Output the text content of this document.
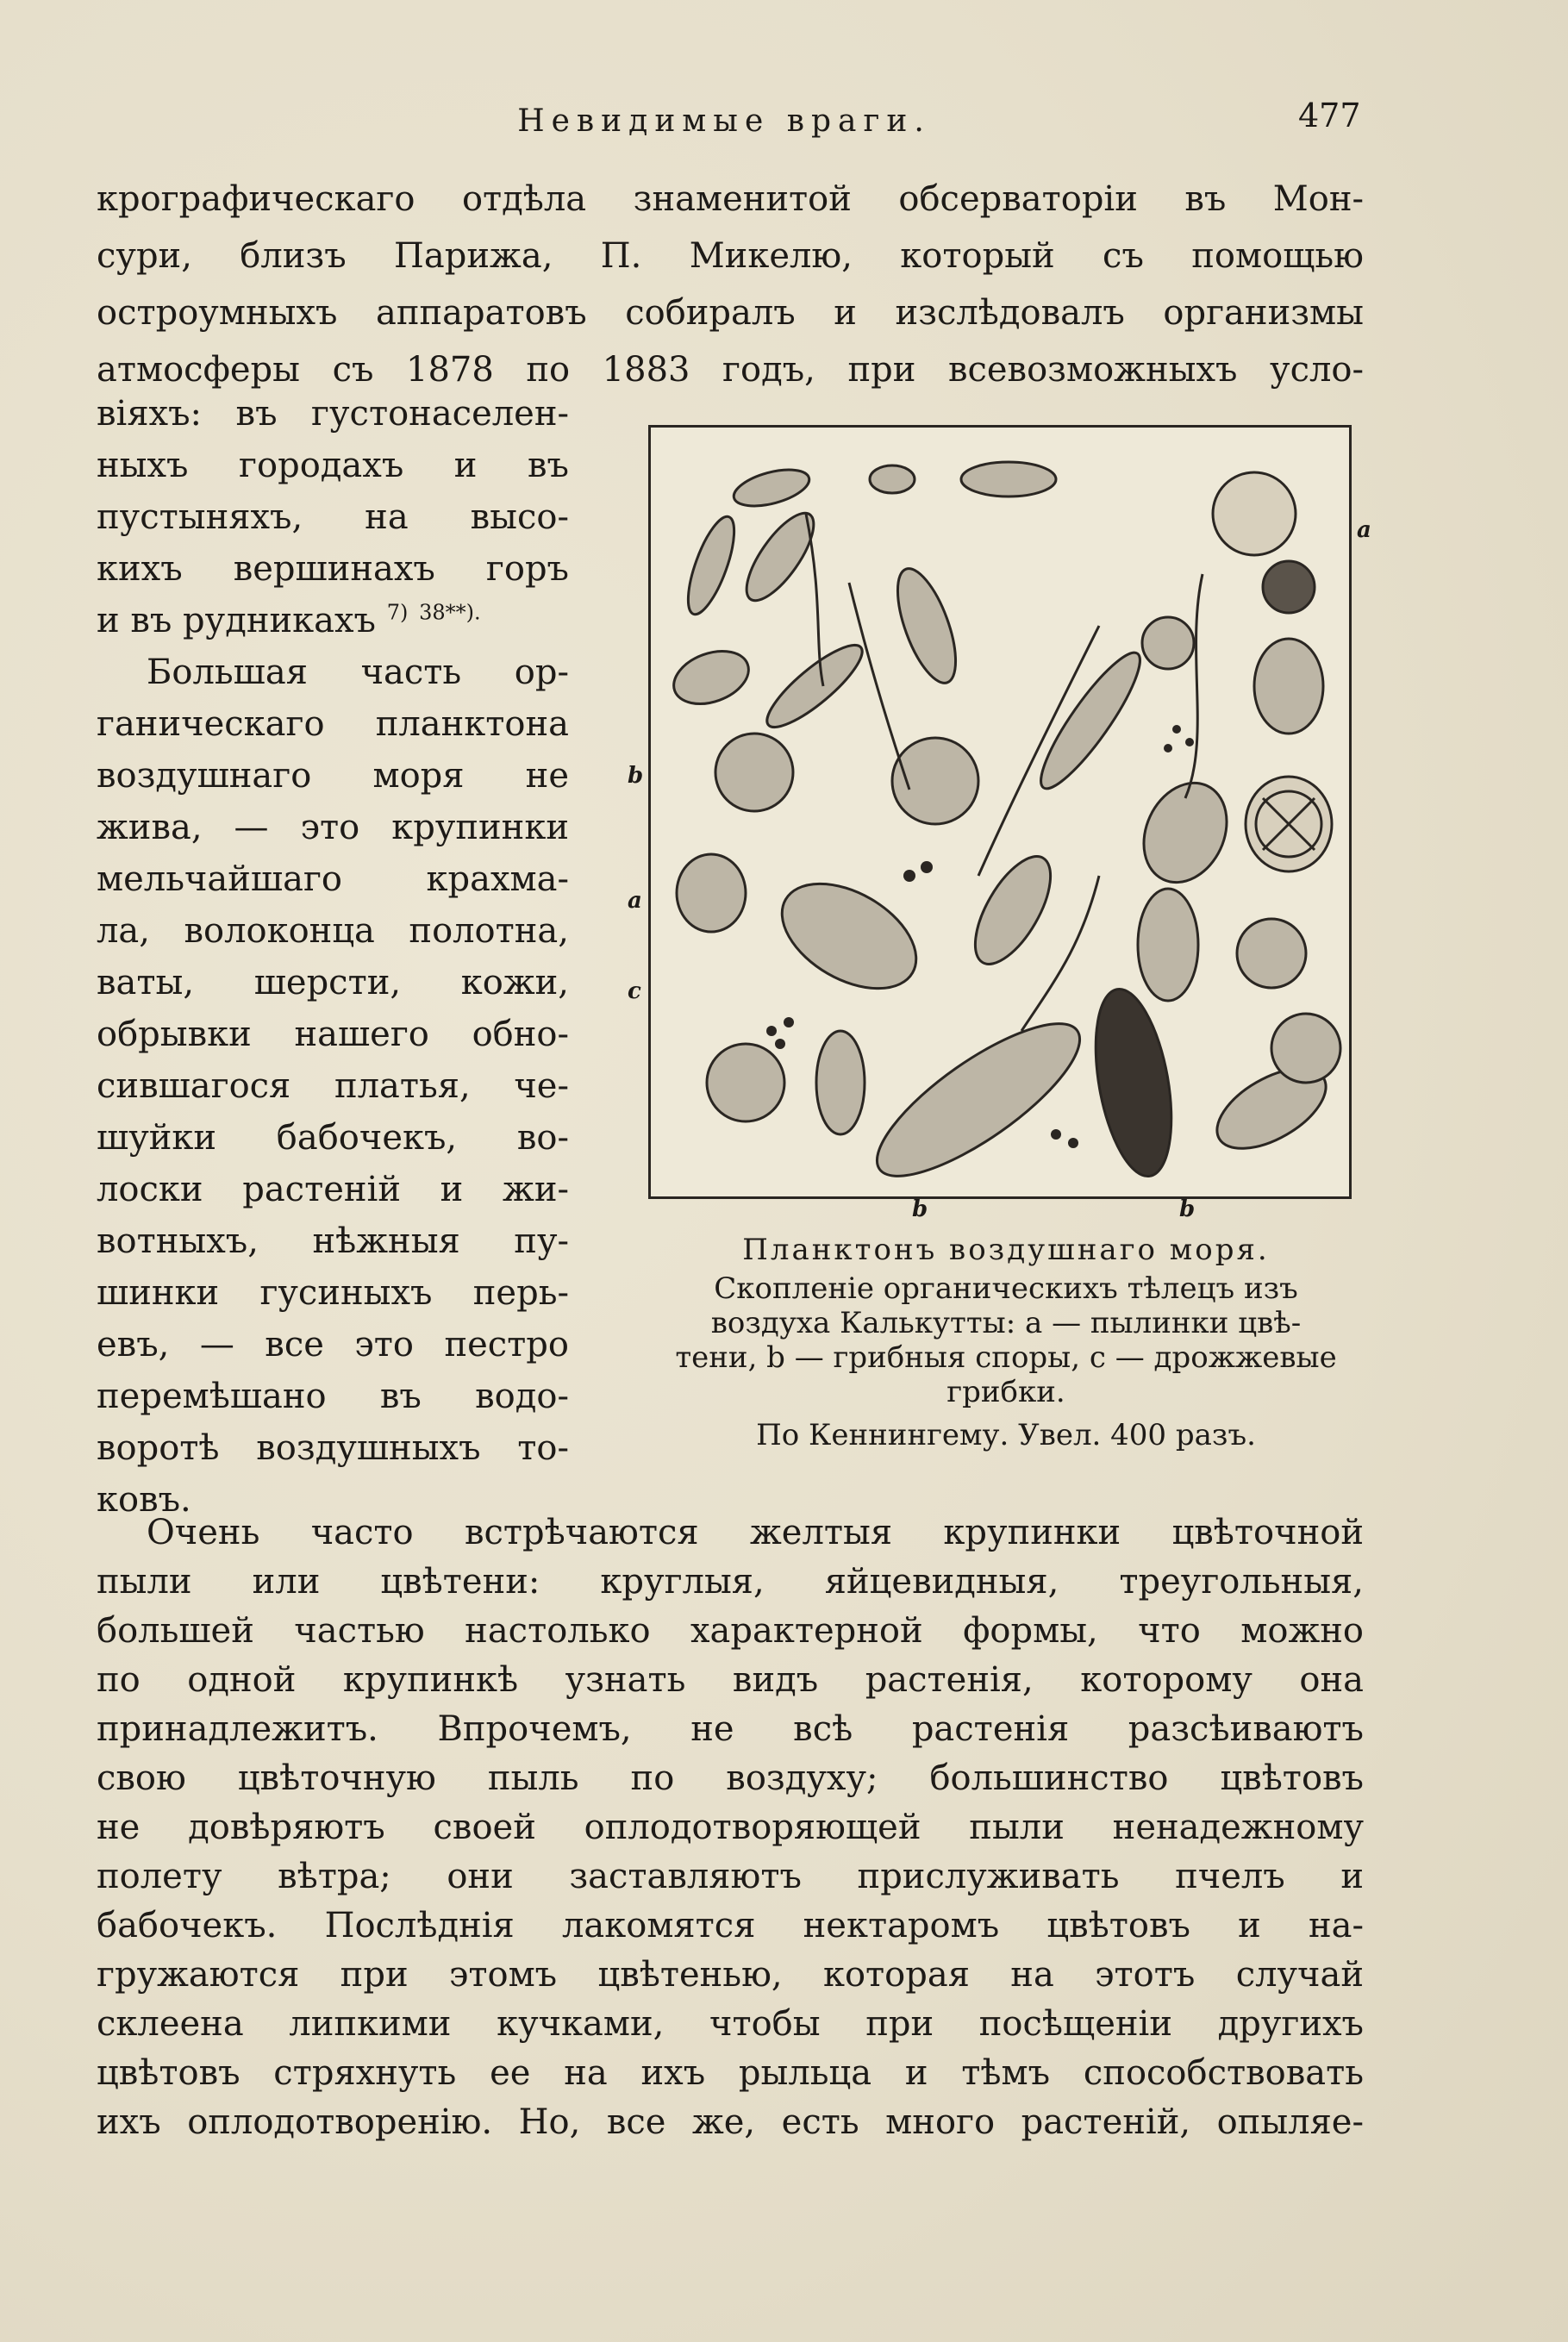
Невидимые враги.	477
крографическаго отдѣла знаменитой обсерваторіи въ Мон-
сури, близъ Парижа, П. Микелю, который съ помощью
остроумныхъ аппаратовъ собиралъ и изслѣдовалъ организмы
атмосферы съ 1878 по 1883 годъ, при всевозможныхъ усло-
віяхъ: въ густонаселен-
ныхъ городахъ и въ
пустыняхъ, на высо-
кихъ вершинахъ горъ
и въ рудникахъ $^{7)}$ $^{38**).}$
Большая часть ор-
ганическаго планктона
воздушнаго моря не
жива, — это крупинки
мельчайшаго крахма-
ла, волоконца полотна,
ваты, шерсти, кожи,
обрывки нашего обно-
сившагося платья, че-
шуйки бабочекъ, во-
лоски растеній и жи-
вотныхъ, нѣжныя пу-
шинки гусиныхъ перь-
евъ, — все это пестро
перемѣшано въ водо-
воротѣ воздушныхъ то-
ковъ.
a
b
a
c
b	b
Планктонъ воздушнаго моря.
Скопленіе органическихъ тѣлецъ изъ
воздуха Калькутты: a — пылинки цвѣ-
тени, b — грибныя споры, c — дрожжевые
грибки.
По Кеннингему. Увел. 400 разъ.
Очень часто встрѣчаются желтыя крупинки цвѣточной
пыли или цвѣтени: круглыя, яйцевидныя, треугольныя,
большей частью настолько характерной формы, что можно
по одной крупинкѣ узнать видъ растенія, которому она
принадлежитъ. Впрочемъ, не всѣ растенія разсѣиваютъ
свою цвѣточную пыль по воздуху; большинство цвѣтовъ
не довѣряютъ своей оплодотворяющей пыли ненадежному
полету вѣтра; они заставляютъ прислуживать пчелъ и
бабочекъ. Послѣднія лакомятся нектаромъ цвѣтовъ и на-
гружаются при этомъ цвѣтенью, которая на этотъ случай
склеена липкими кучками, чтобы при посѣщеніи другихъ
цвѣтовъ стряхнуть ее на ихъ рыльца и тѣмъ способствовать
ихъ оплодотворенію. Но, все же, есть много растеній, опыляе-
